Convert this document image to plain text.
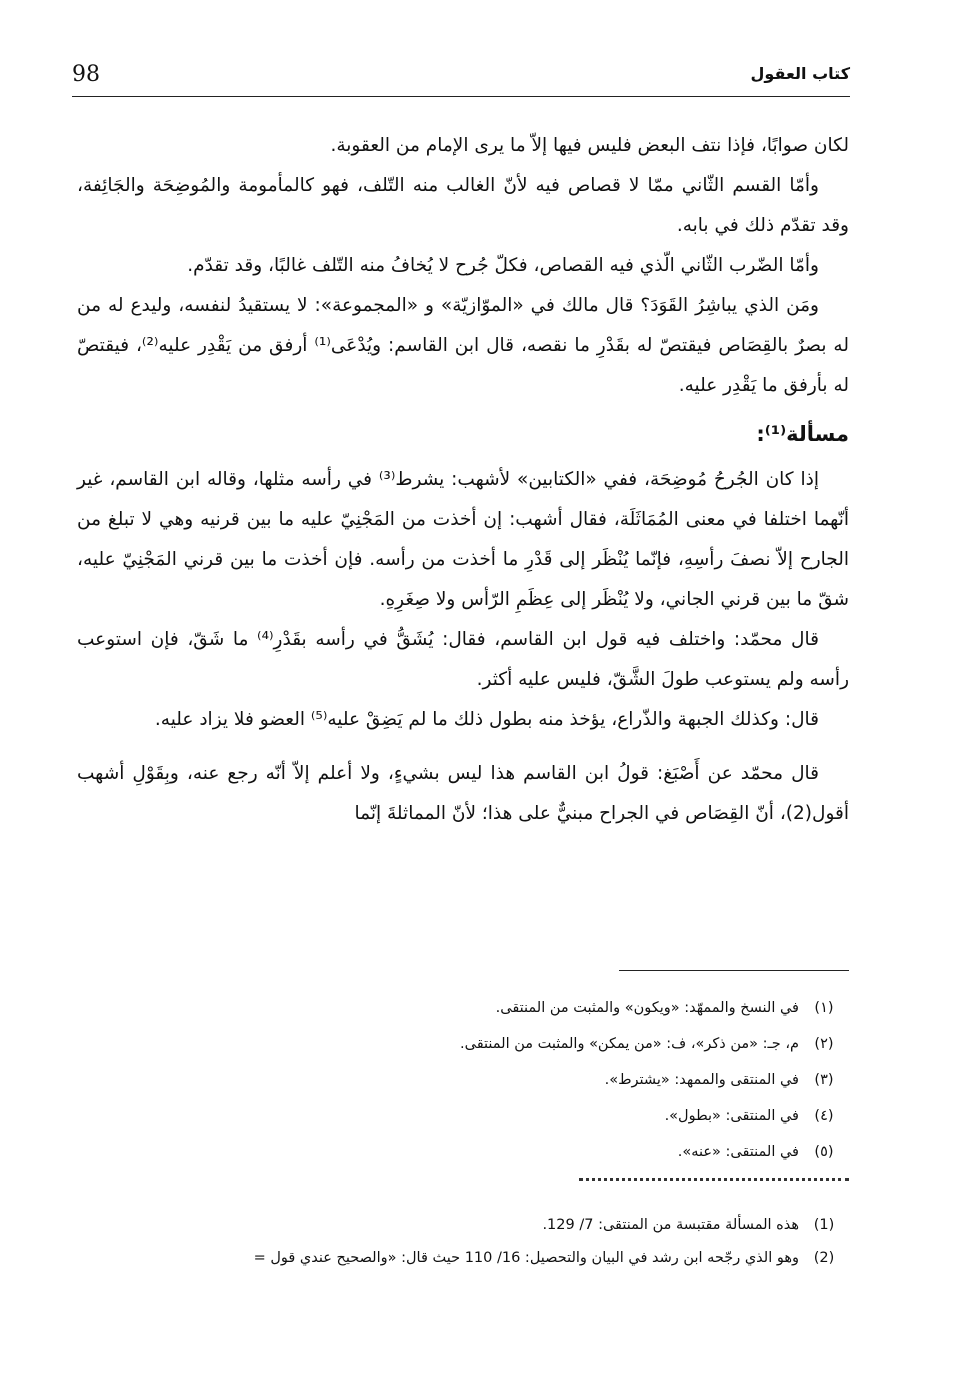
98	كتاب العقول

لكان صوابًا، فإذا نتف البعض فليس فيها إلاّ ما يرى الإمام من العقوبة.

وأمّا القسم الثّاني ممّا لا قصاص فيه لأنّ الغالب منه التّلف، فهو كالمأمومة والمُوضِحَة والجَائِفة، وقد تقدّم ذلك في بابه.

وأمّا الضّرب الثّاني الّذي فيه القصاص، فكلّ جُرح لا يُخافُ منه التّلف غالبًا، وقد تقدّم.

ومَن الذي يباشِرُ القَوَدَ؟ قال مالك في «الموّازيّة» و «المجموعة»: لا يستقيدُ لنفسه، وليدع له من له بصرٌ بالقِصَاص فيقتصّ له بقَدْرِ ما نقصه، قال ابن القاسم: ويُدْعَى⁽¹⁾ أرفق من يَقْدِر عليه⁽²⁾، فيقتصّ له بأرفق ما يَقْدِر عليه.

مسألة⁽¹⁾:

إذا كان الجُرحُ مُوضِحَة، ففي «الكتابين» لأشهب: يشرط⁽³⁾ في رأسه مثلها، وقاله ابن القاسم، غير أنّهما اختلفا في معنى المُمَاثَلَة، فقال أشهب: إن أخذت من المَجْنِيّ عليه ما بين قرنيه وهي لا تبلغ من الجارح إلاّ نصفَ رأسِهِ، فإنّما يُنْظَر إلى قَدْرِ ما أخذت من رأسه. فإن أخذت ما بين قرني المَجْنِيّ عليه، شقّ ما بين قرني الجاني، ولا يُنْظَر إلى عِظَمِ الرّأس ولا صِغَرِهِ.

قال محمّد: واختلف فيه قول ابن القاسم، فقال: يُشَقُّ في رأسه بقَدْرِ⁽⁴⁾ ما شَقّ، فإن استوعب رأسه ولم يستوعب طولَ الشَّقّ، فليس عليه أكثر.

قال: وكذلك الجبهة والذّراع، يؤخذ منه بطول ذلك ما لم يَضِقْ عليه⁽⁵⁾ العضو فلا يزاد عليه.

قال محمّد عن أَصْبَغ: قولُ ابن القاسم هذا ليس بشيءٍ، ولا أعلم إلاّ أنّه رجع عنه، وبِقَوْلِ أشهب أقول(2)، أنّ القِصَاص في الجراح مبنيٌّ على هذا؛ لأنّ المماثلةَ إنّما

(١)
في النسخ والممهّد: «ويكون» والمثبت من المنتقى.
(٢)
م، جـ: «من ذكر»، ف: «من يمكن» والمثبت من المنتقى.
(٣)
في المنتقى والممهد: «يشترط».
(٤)
في المنتقى: «بطول».
(٥)
في المنتقى: «عنه».
(1)
هذه المسألة مقتبسة من المنتقى: 7/ 129.
(2)
وهو الذي رجّحه ابن رشد في البيان والتحصيل: 16/ 110 حيث قال: «والصحيح عندي قول =
